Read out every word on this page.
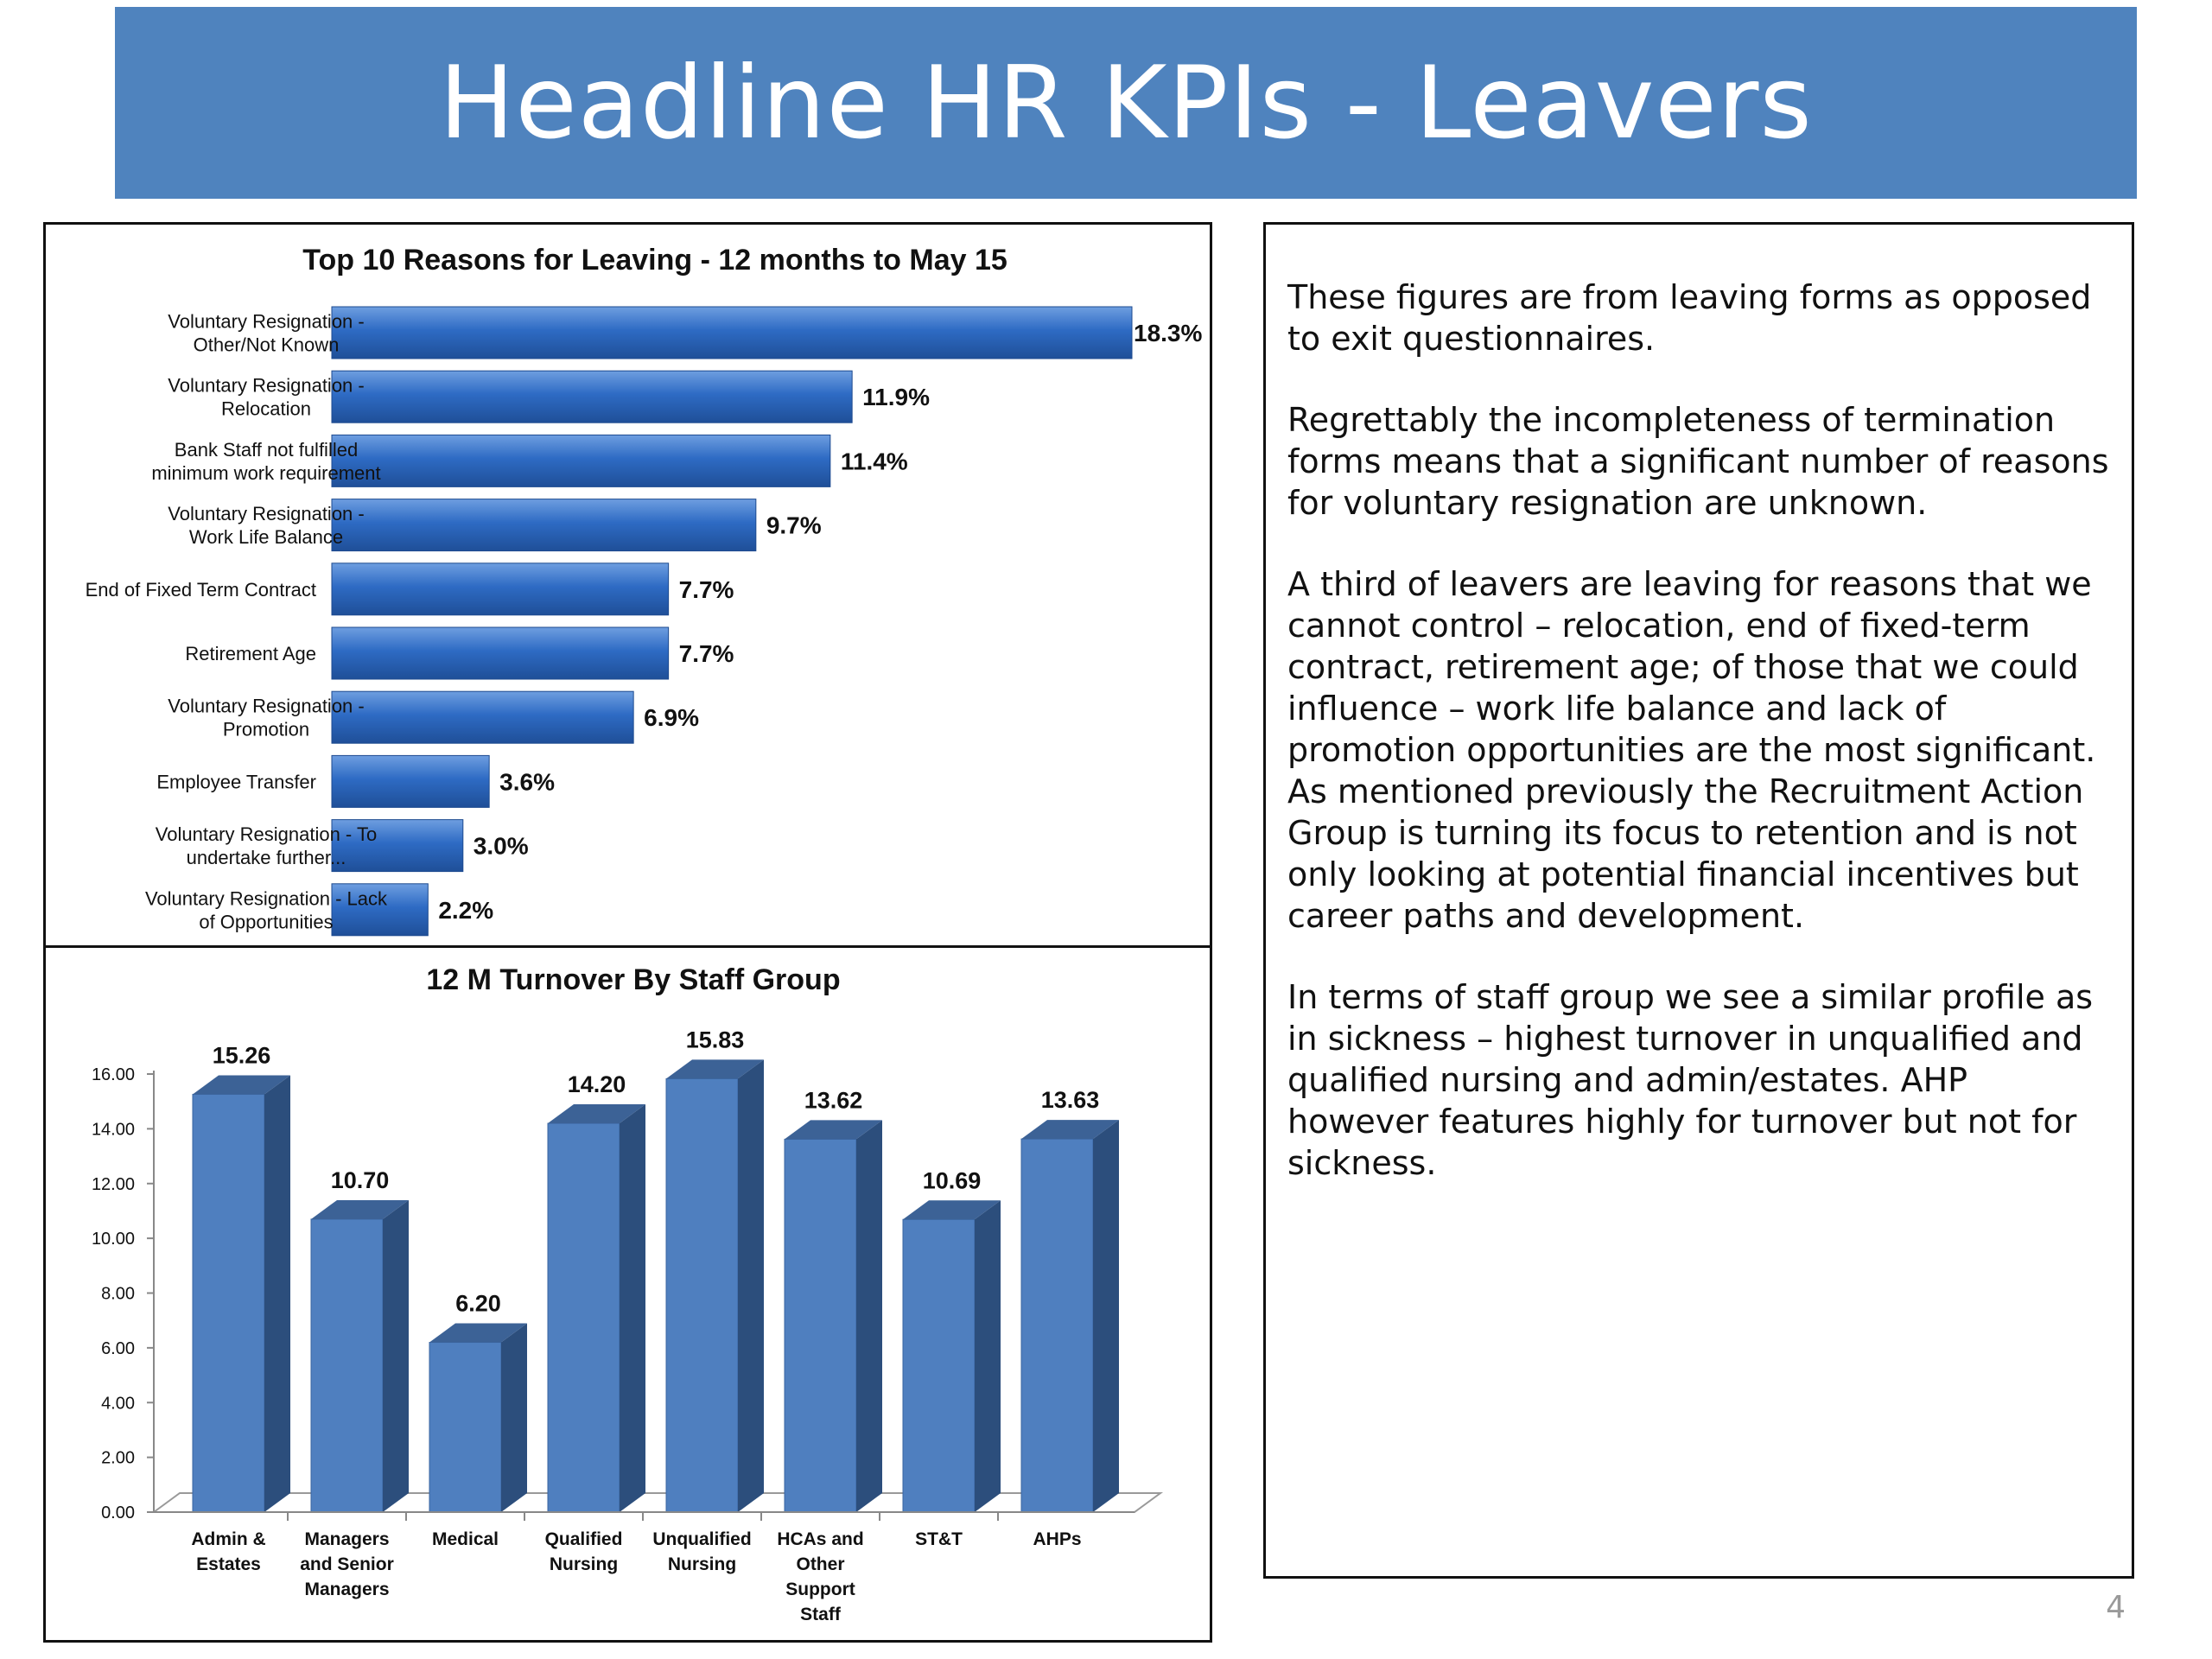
Headline HR KPIs - Leavers
Top 10 Reasons for Leaving - 12 months to May 15
18.3%
Voluntary Resignation -Other/Not Known
11.9%
Voluntary Resignation -Relocation
11.4%
Bank Staff not fulfilled minimum work requirement
9.7%
Voluntary Resignation -Work Life Balance
7.7%
End of Fixed Term Contract
7.7%
Retirement Age
6.9%
Voluntary Resignation -Promotion
3.6%
Employee Transfer
3.0%
Voluntary Resignation - To undertake further...
2.2%
Voluntary Resignation - Lack of Opportunities
12 M Turnover By Staff Group
0.00
2.00
4.00
6.00
8.00
10.00
12.00
14.00
16.00
15.26
Admin & Estates
10.70
Managers and Senior Managers
6.20
Medical
14.20
Qualified Nursing
15.83
Unqualified Nursing
13.62
HCAs and Other Support Staff
10.69
ST&T
13.63
AHPs

These figures are from leaving forms as opposed to exit questionnaires.

Regrettably the incompleteness of termination forms means that a significant number of reasons for voluntary resignation are unknown.

A third of leavers are leaving for reasons that we cannot control – relocation, end of fixed-term contract, retirement age; of those that we could influence – work life balance and lack of promotion opportunities are the most significant. As mentioned previously the Recruitment Action Group is turning its focus to retention and is not only looking at potential financial incentives but career paths and development.

In terms of staff group we see a similar profile as in sickness – highest turnover in unqualified and qualified nursing and admin/estates. AHP however features highly for turnover but not for sickness.

4
